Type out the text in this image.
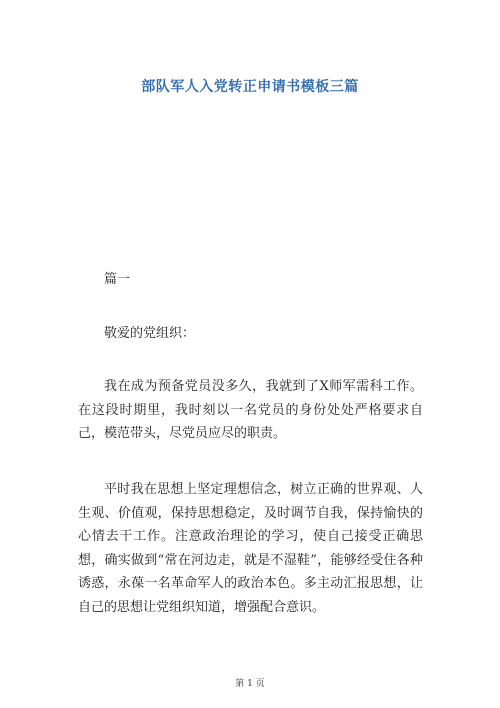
部队军人入党转正申请书模板三篇
篇一
敬爱的党组织：
我在成为预备党员没多久，我就到了X师军需科工作。在这段时期里，我时刻以一名党员的身份处处严格要求自己，模范带头，尽党员应尽的职责。
平时我在思想上坚定理想信念，树立正确的世界观、人生观、价值观，保持思想稳定，及时调节自我，保持愉快的心情去干工作。注意政治理论的学习，使自己接受正确思想，确实做到“常在河边走，就是不湿鞋”，能够经受住各种诱惑，永葆一名革命军人的政治本色。多主动汇报思想，让自己的思想让党组织知道，增强配合意识。
第 1 页
